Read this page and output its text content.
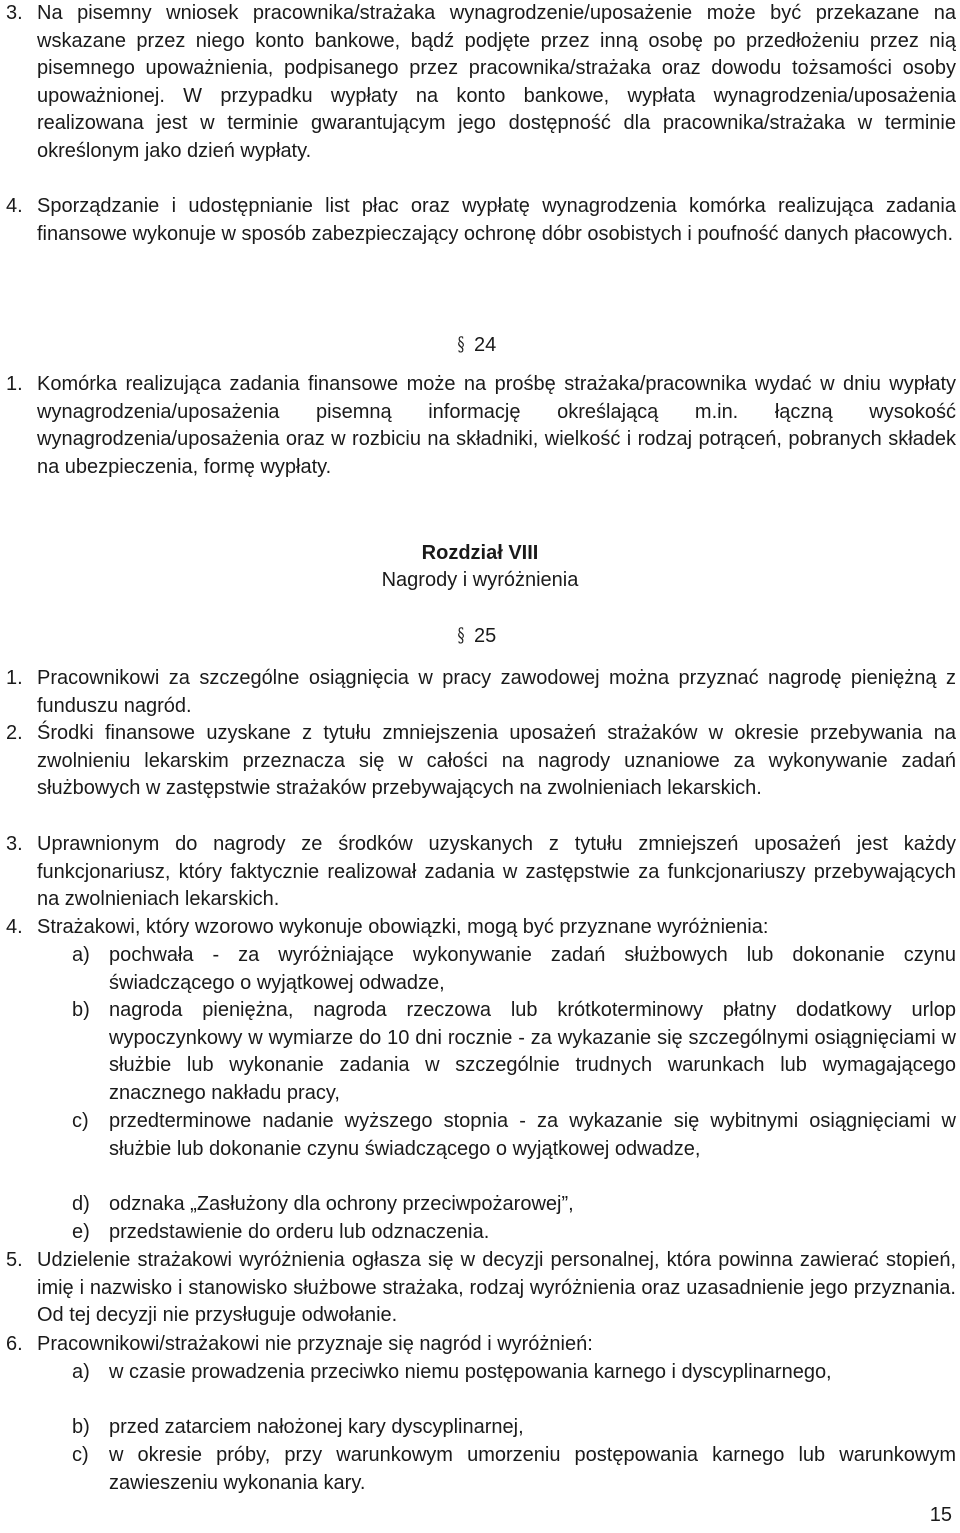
3. Na pisemny wniosek pracownika/strażaka wynagrodzenie/uposażenie może być przekazane na wskazane przez niego konto bankowe, bądź podjęte przez inną osobę po przedłożeniu przez nią pisemnego upoważnienia, podpisanego przez pracownika/strażaka oraz dowodu tożsamości osoby upoważnionej. W przypadku wypłaty na konto bankowe, wypłata wynagrodzenia/uposażenia realizowana jest w terminie gwarantującym jego dostępność dla pracownika/strażaka w terminie określonym jako dzień wypłaty.
4. Sporządzanie i udostępnianie list płac oraz wypłatę wynagrodzenia komórka realizująca zadania finansowe wykonuje w sposób zabezpieczający ochronę dóbr osobistych i poufność danych płacowych.
§ 24
1. Komórka realizująca zadania finansowe może na prośbę strażaka/pracownika wydać w dniu wypłaty wynagrodzenia/uposażenia pisemną informację określającą m.in. łączną wysokość wynagrodzenia/uposażenia oraz w rozbiciu na składniki, wielkość i rodzaj potrąceń, pobranych składek na ubezpieczenia, formę wypłaty.
Rozdział VIII
Nagrody i wyróżnienia
§ 25
1. Pracownikowi za szczególne osiągnięcia w pracy zawodowej można przyznać nagrodę pieniężną z funduszu nagród.
2. Środki finansowe uzyskane z tytułu zmniejszenia uposażeń strażaków w okresie przebywania na zwolnieniu lekarskim przeznacza się w całości na nagrody uznaniowe za wykonywanie zadań służbowych w zastępstwie strażaków przebywających na zwolnieniach lekarskich.
3. Uprawnionym do nagrody ze środków uzyskanych z tytułu zmniejszeń uposażeń jest każdy funkcjonariusz, który faktycznie realizował zadania w zastępstwie za funkcjonariuszy przebywających na zwolnieniach lekarskich.
4. Strażakowi, który wzorowo wykonuje obowiązki, mogą być przyznane wyróżnienia:
a) pochwała - za wyróżniające wykonywanie zadań służbowych lub dokonanie czynu świadczącego o wyjątkowej odwadze,
b) nagroda pieniężna, nagroda rzeczowa lub krótkoterminowy płatny dodatkowy urlop wypoczynkowy w wymiarze do 10 dni rocznie - za wykazanie się szczególnymi osiągnięciami w służbie lub wykonanie zadania w szczególnie trudnych warunkach lub wymagającego znacznego nakładu pracy,
c) przedterminowe nadanie wyższego stopnia - za wykazanie się wybitnymi osiągnięciami w służbie lub dokonanie czynu świadczącego o wyjątkowej odwadze,
d) odznaka „Zasłużony dla ochrony przeciwpożarowej”,
e) przedstawienie do orderu lub odznaczenia.
5. Udzielenie strażakowi wyróżnienia ogłasza się w decyzji personalnej, która powinna zawierać stopień, imię i nazwisko i stanowisko służbowe strażaka, rodzaj wyróżnienia oraz uzasadnienie jego przyznania. Od tej decyzji nie przysługuje odwołanie.
6. Pracownikowi/strażakowi nie przyznaje się nagród i wyróżnień:
a) w czasie prowadzenia przeciwko niemu postępowania karnego i dyscyplinarnego,
b) przed zatarciem nałożonej kary dyscyplinarnej,
c) w okresie próby, przy warunkowym umorzeniu postępowania karnego lub warunkowym zawieszeniu wykonania kary.
15
